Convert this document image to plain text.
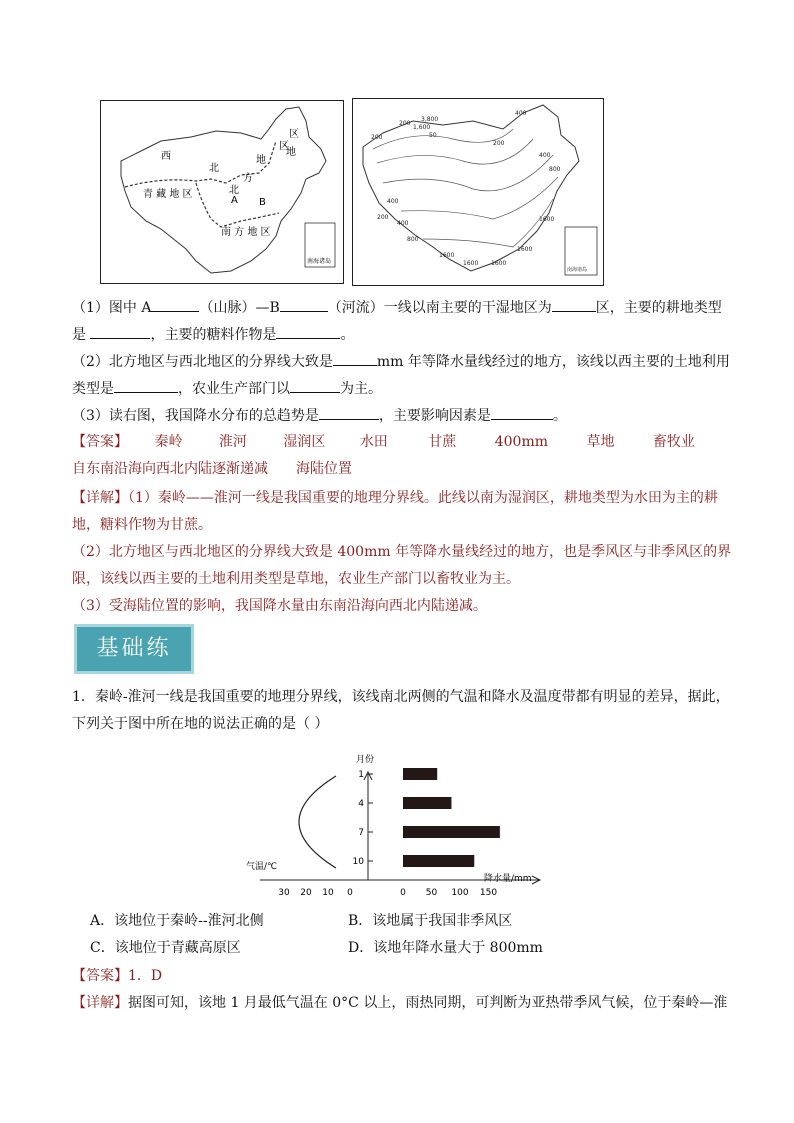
西
北
地
区
区
地
方
北
青 藏 地 区
南 方 地 区
A B
南海诸岛
200
3,800
1,600
50
200
400
800
400
200
1600
1600
1600
1600
1600
800
400
200
400
南海诸岛
（1）图中 A	（山脉）—B	（河流）一线以南主要的干湿地区为	区，主要的耕地类型
是	，主要的糖料作物是	。
（2）北方地区与西北地区的分界线大致是	mm 年等降水量线经过的地方，该线以西主要的土地利用
类型是	，农业生产部门以	为主。
（3）读右图，我国降水分布的总趋势是	，主要影响因素是	。
【答案】 秦岭	淮河	湿润区 水田	甘蔗	400mm	草地	畜牧业
自东南沿海向西北内陆逐渐递减 海陆位置
【详解】（1）秦岭——淮河一线是我国重要的地理分界线。此线以南为湿润区，耕地类型为水田为主的耕
地，糖料作物为甘蔗。
（2）北方地区与西北地区的分界线大致是 400mm 年等降水量线经过的地方，也是季风区与非季风区的界
限，该线以西主要的土地利用类型是草地，农业生产部门以畜牧业为主。
（3）受海陆位置的影响，我国降水量由东南沿海向西北内陆递减。
基础练
1．秦岭-淮河一线是我国重要的地理分界线，该线南北两侧的气温和降水及温度带都有明显的差异，据此，
下列关于图中所在地的说法正确的是（ ）
月份
1
4
7
10
0 50 100 150
30 20 10 0
气温/℃
降水量/mm
A．该地位于秦岭--淮河北侧	B．该地属于我国非季风区
C．该地位于青藏高原区	D．该地年降水量大于 800mm
【答案】1．D
【详解】据图可知，该地 1 月最低气温在 0°C 以上，雨热同期，可判断为亚热带季风气候，位于秦岭—淮
